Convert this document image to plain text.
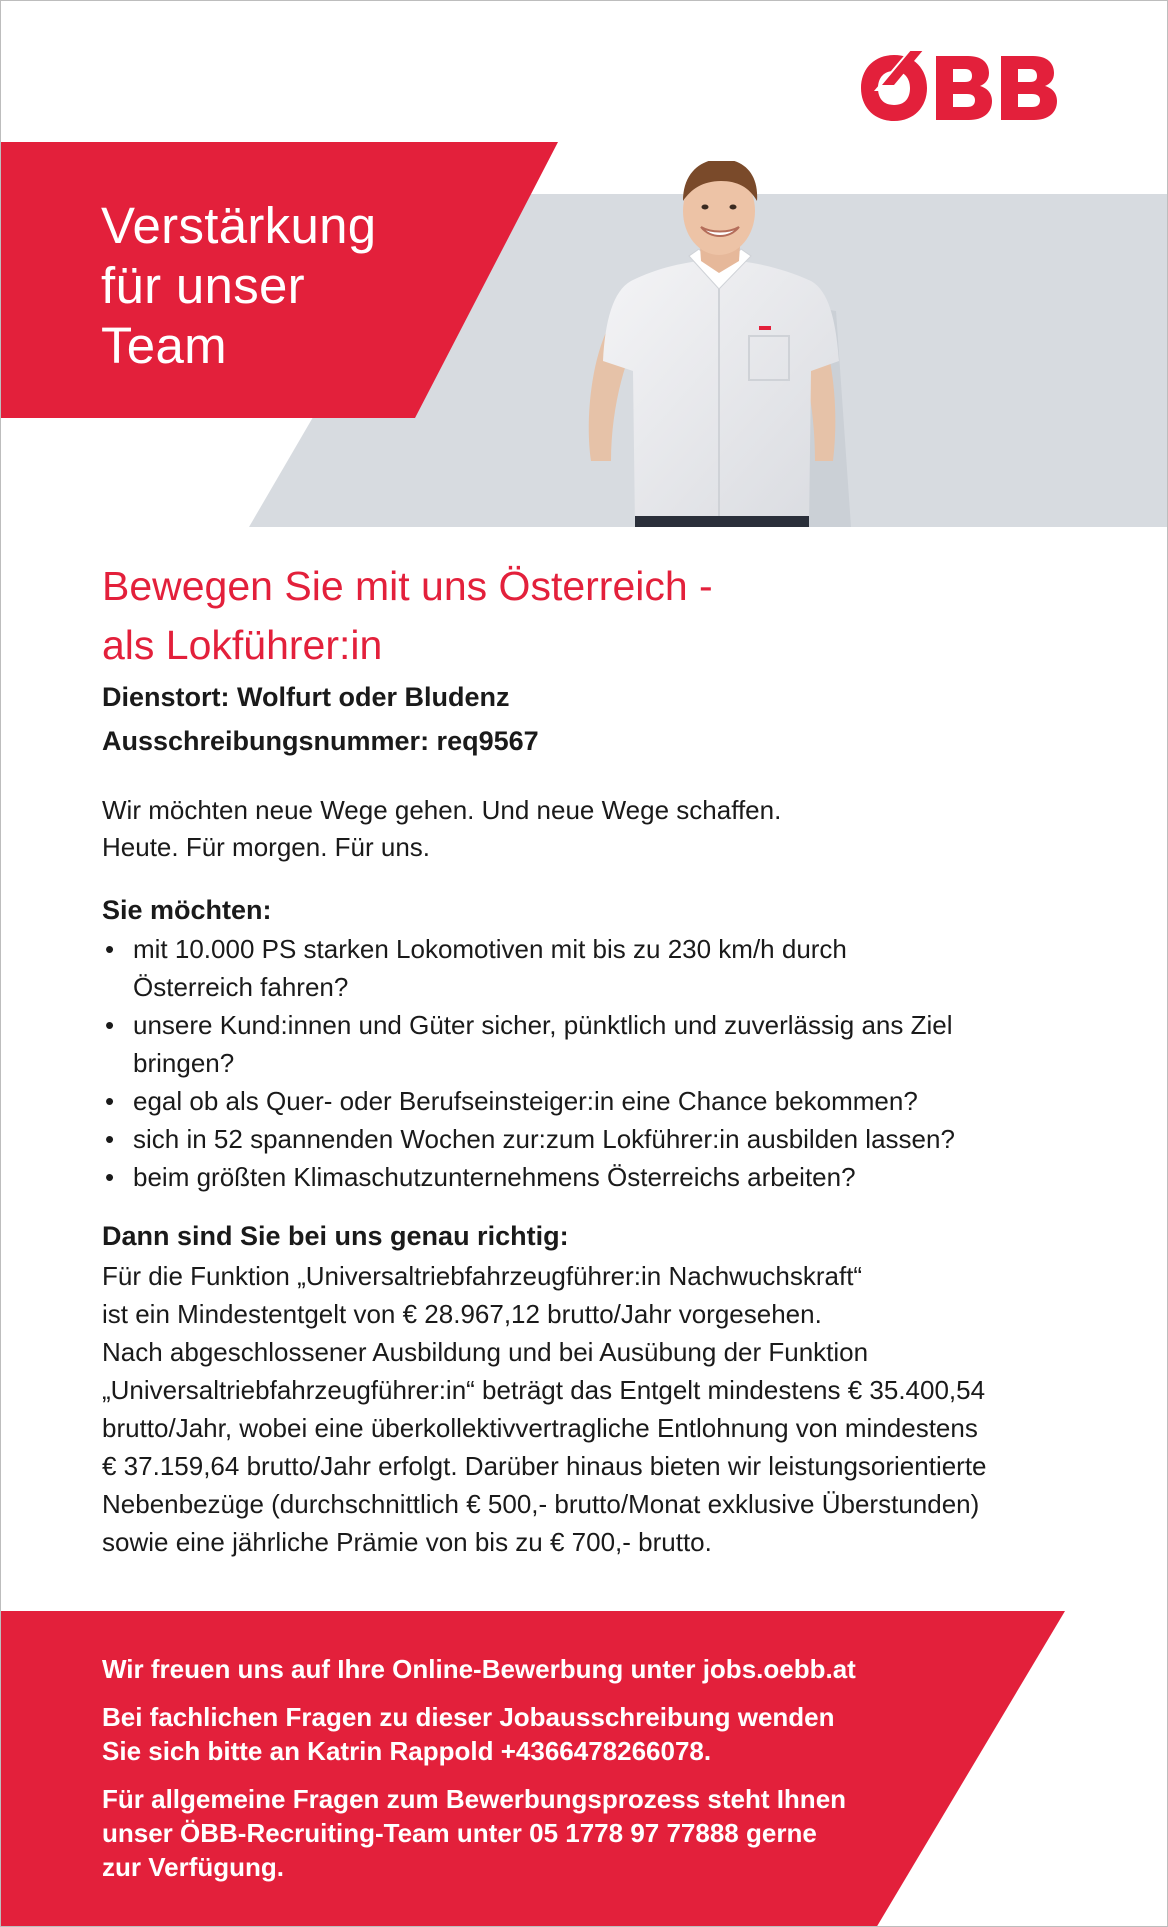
Verstärkung
für unser
Team
Bewegen Sie mit uns Österreich -
als Lokführer:in
Dienstort: Wolfurt oder Bludenz
Ausschreibungsnummer: req9567
Wir möchten neue Wege gehen. Und neue Wege schaffen.
Heute. Für morgen. Für uns.
Sie möchten:
• mit 10.000 PS starken Lokomotiven mit bis zu 230 km/h durch
Österreich fahren?
• unsere Kund:innen und Güter sicher, pünktlich und zuverlässig ans Ziel
bringen?
• egal ob als Quer- oder Berufseinsteiger:in eine Chance bekommen?
• sich in 52 spannenden Wochen zur:zum Lokführer:in ausbilden lassen?
• beim größten Klimaschutzunternehmens Österreichs arbeiten?
Dann sind Sie bei uns genau richtig:
Für die Funktion „Universaltriebfahrzeugführer:in Nachwuchskraft“
ist ein Mindestentgelt von € 28.967,12 brutto/Jahr vorgesehen.
Nach abgeschlossener Ausbildung und bei Ausübung der Funktion
„Universaltriebfahrzeugführer:in“ beträgt das Entgelt mindestens € 35.400,54
brutto/Jahr, wobei eine überkollektivvertragliche Entlohnung von mindestens
€ 37.159,64 brutto/Jahr erfolgt. Darüber hinaus bieten wir leistungsorientierte
Nebenbezüge (durchschnittlich € 500,- brutto/Monat exklusive Überstunden)
sowie eine jährliche Prämie von bis zu € 700,- brutto.

Wir freuen uns auf Ihre Online-Bewerbung unter jobs.oebb.at

Bei fachlichen Fragen zu dieser Jobausschreibung wenden
Sie sich bitte an Katrin Rappold +4366478266078.

Für allgemeine Fragen zum Bewerbungsprozess steht Ihnen
unser ÖBB-Recruiting-Team unter 05 1778 97 77888 gerne
zur Verfügung.
